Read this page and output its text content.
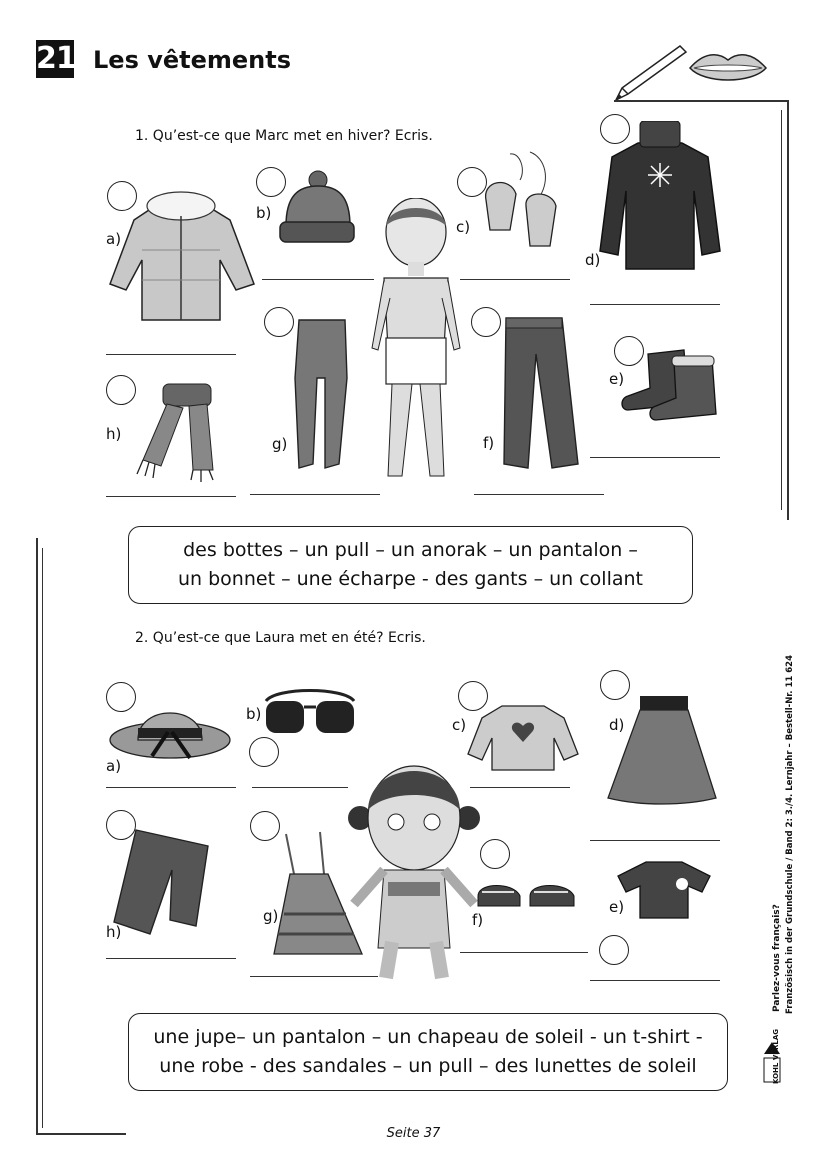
21 Les vêtements
1. Qu’est-ce que Marc met en hiver? Ecris.
a)
b)
c)
d)
g)	f)
e)
h)
des bottes – un pull – un anorak – un pantalon –
un bonnet – une écharpe - des gants – un collant
2. Qu’est-ce que Laura met en été? Ecris.
a)
b)
c)	d)
h)
g)	f)
e)
une jupe– un pantalon – un chapeau de soleil - un t-shirt -
une robe - des sandales – un pull – des lunettes de soleil
Parlez-vous français? Französisch in der Grundschule / Band 2: 3./4. Lernjahr – Bestell-Nr. 11 624
KOHL VERLAG
Seite 37
